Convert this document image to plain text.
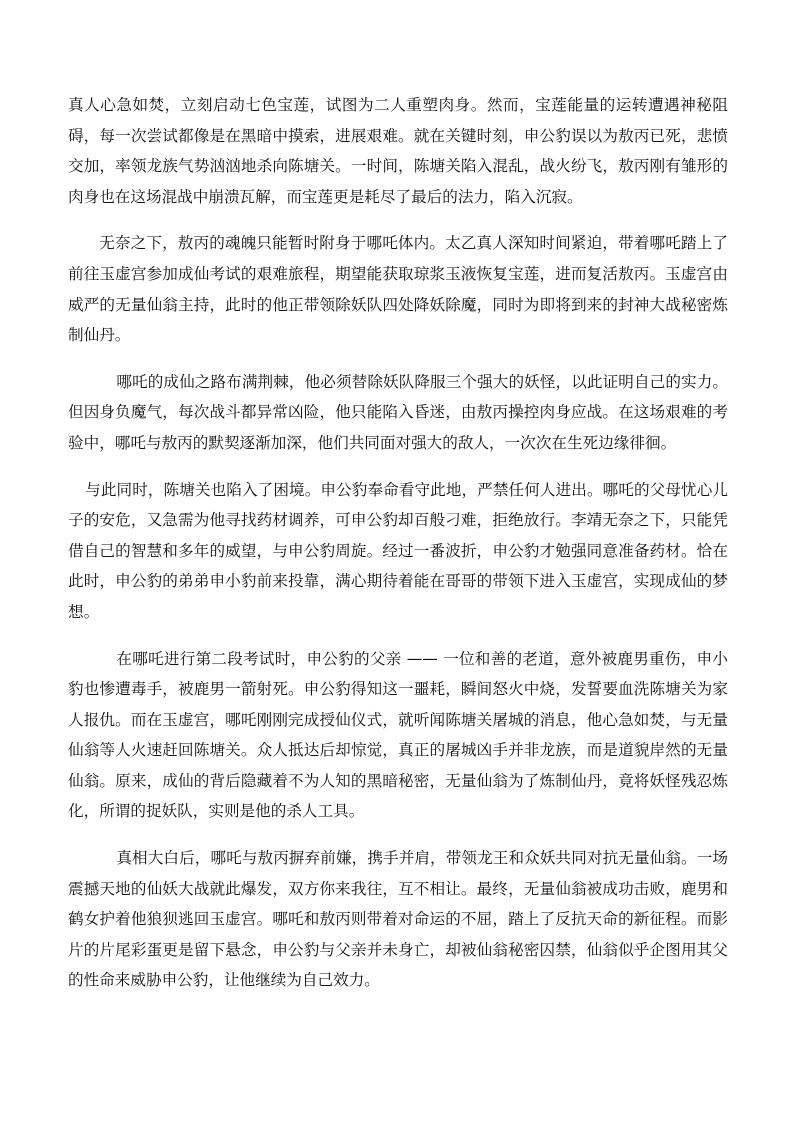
真人心急如焚，立刻启动七色宝莲，试图为二人重塑肉身。然而，宝莲能量的运转遭遇神秘阻碍，每一次尝试都像是在黑暗中摸索，进展艰难。就在关键时刻，申公豹误以为敖丙已死，悲愤交加，率领龙族气势汹汹地杀向陈塘关。一时间，陈塘关陷入混乱，战火纷飞，敖丙刚有雏形的肉身也在这场混战中崩溃瓦解，而宝莲更是耗尽了最后的法力，陷入沉寂。

无奈之下，敖丙的魂魄只能暂时附身于哪吒体内。太乙真人深知时间紧迫，带着哪吒踏上了前往玉虚宫参加成仙考试的艰难旅程，期望能获取琼浆玉液恢复宝莲，进而复活敖丙。玉虚宫由威严的无量仙翁主持，此时的他正带领除妖队四处降妖除魔，同时为即将到来的封神大战秘密炼制仙丹。

哪吒的成仙之路布满荆棘，他必须替除妖队降服三个强大的妖怪，以此证明自己的实力。但因身负魔气，每次战斗都异常凶险，他只能陷入昏迷，由敖丙操控肉身应战。在这场艰难的考验中，哪吒与敖丙的默契逐渐加深，他们共同面对强大的敌人，一次次在生死边缘徘徊。

与此同时，陈塘关也陷入了困境。申公豹奉命看守此地，严禁任何人进出。哪吒的父母忧心儿子的安危，又急需为他寻找药材调养，可申公豹却百般刁难，拒绝放行。李靖无奈之下，只能凭借自己的智慧和多年的威望，与申公豹周旋。经过一番波折，申公豹才勉强同意准备药材。恰在此时，申公豹的弟弟申小豹前来投靠，满心期待着能在哥哥的带领下进入玉虚宫，实现成仙的梦想。

在哪吒进行第二段考试时，申公豹的父亲 —— 一位和善的老道，意外被鹿男重伤，申小豹也惨遭毒手，被鹿男一箭射死。申公豹得知这一噩耗，瞬间怒火中烧，发誓要血洗陈塘关为家人报仇。而在玉虚宫，哪吒刚刚完成授仙仪式，就听闻陈塘关屠城的消息，他心急如焚，与无量仙翁等人火速赶回陈塘关。众人抵达后却惊觉，真正的屠城凶手并非龙族，而是道貌岸然的无量仙翁。原来，成仙的背后隐藏着不为人知的黑暗秘密，无量仙翁为了炼制仙丹，竟将妖怪残忍炼化，所谓的捉妖队，实则是他的杀人工具。

真相大白后，哪吒与敖丙摒弃前嫌，携手并肩，带领龙王和众妖共同对抗无量仙翁。一场震撼天地的仙妖大战就此爆发，双方你来我往，互不相让。最终，无量仙翁被成功击败，鹿男和鹤女护着他狼狈逃回玉虚宫。哪吒和敖丙则带着对命运的不屈，踏上了反抗天命的新征程。而影片的片尾彩蛋更是留下悬念，申公豹与父亲并未身亡，却被仙翁秘密囚禁，仙翁似乎企图用其父的性命来威胁申公豹，让他继续为自己效力。
